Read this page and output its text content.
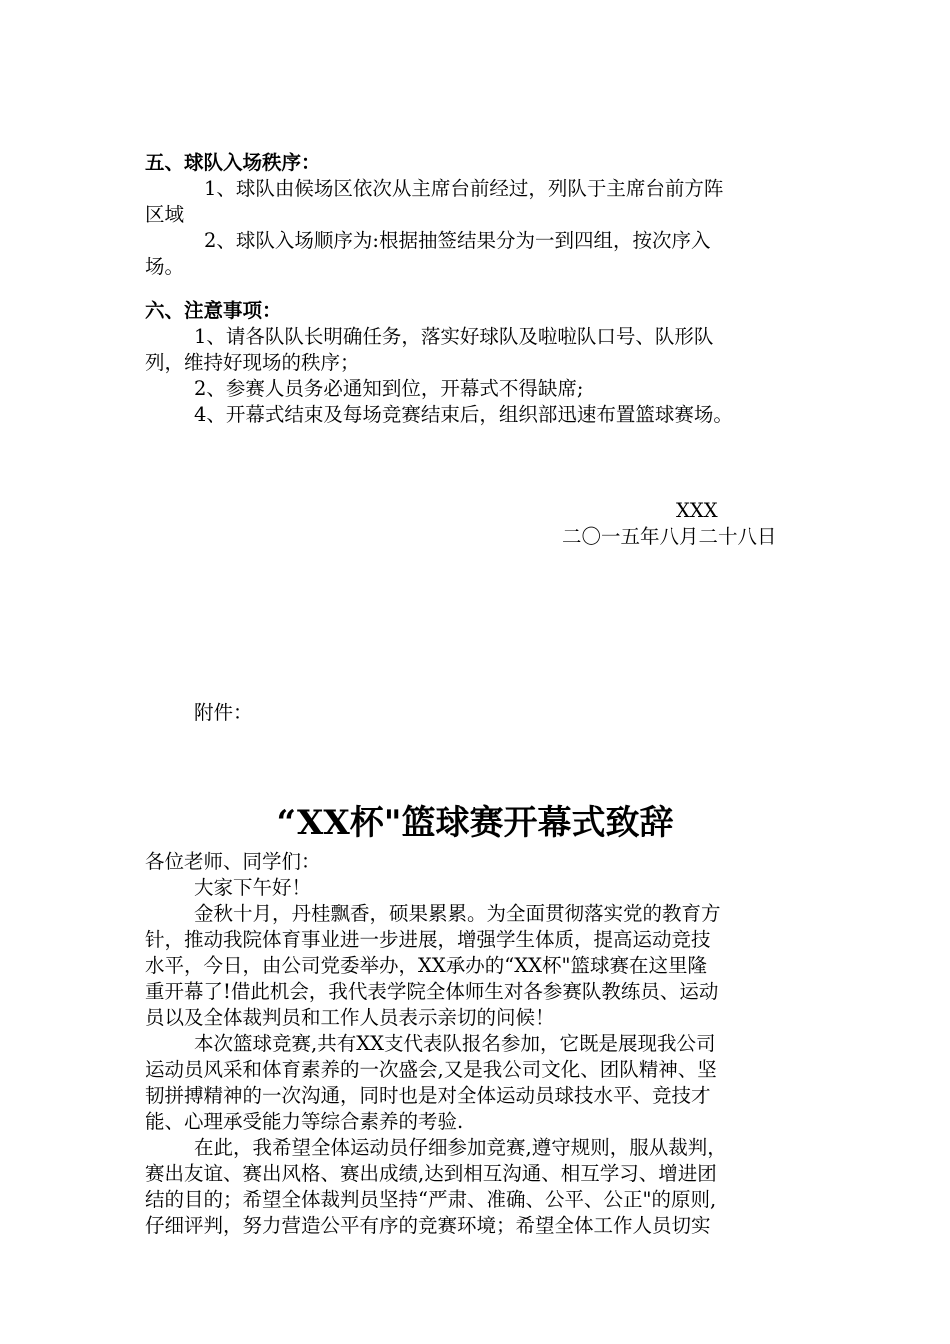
五、球队入场秩序：
1、球队由候场区依次从主席台前经过，列队于主席台前方阵
区域
2、球队入场顺序为:根据抽签结果分为一到四组，按次序入
场。
六、注意事项：
1、请各队队长明确任务，落实好球队及啦啦队口号、队形队
列，维持好现场的秩序；
2、参赛人员务必通知到位，开幕式不得缺席;
4、开幕式结束及每场竞赛结束后，组织部迅速布置篮球赛场。
XXX
二〇一五年八月二十八日
附件：
“XX杯"篮球赛开幕式致辞
各位老师、同学们：
大家下午好！
金秋十月，丹桂飘香，硕果累累。为全面贯彻落实党的教育方
针，推动我院体育事业进一步进展，增强学生体质，提高运动竞技
水平，今日，由公司党委举办，XX承办的“XX杯"篮球赛在这里隆
重开幕了!借此机会，我代表学院全体师生对各参赛队教练员、运动
员以及全体裁判员和工作人员表示亲切的问候！
本次篮球竞赛,共有XX支代表队报名参加，它既是展现我公司
运动员风采和体育素养的一次盛会,又是我公司文化、团队精神、坚
韧拼搏精神的一次沟通，同时也是对全体运动员球技水平、竞技才
能、心理承受能力等综合素养的考验.
在此，我希望全体运动员仔细参加竞赛,遵守规则，服从裁判，
赛出友谊、赛出风格、赛出成绩,达到相互沟通、相互学习、增进团
结的目的；希望全体裁判员坚持“严肃、准确、公平、公正"的原则,
仔细评判，努力营造公平有序的竞赛环境；希望全体工作人员切实
